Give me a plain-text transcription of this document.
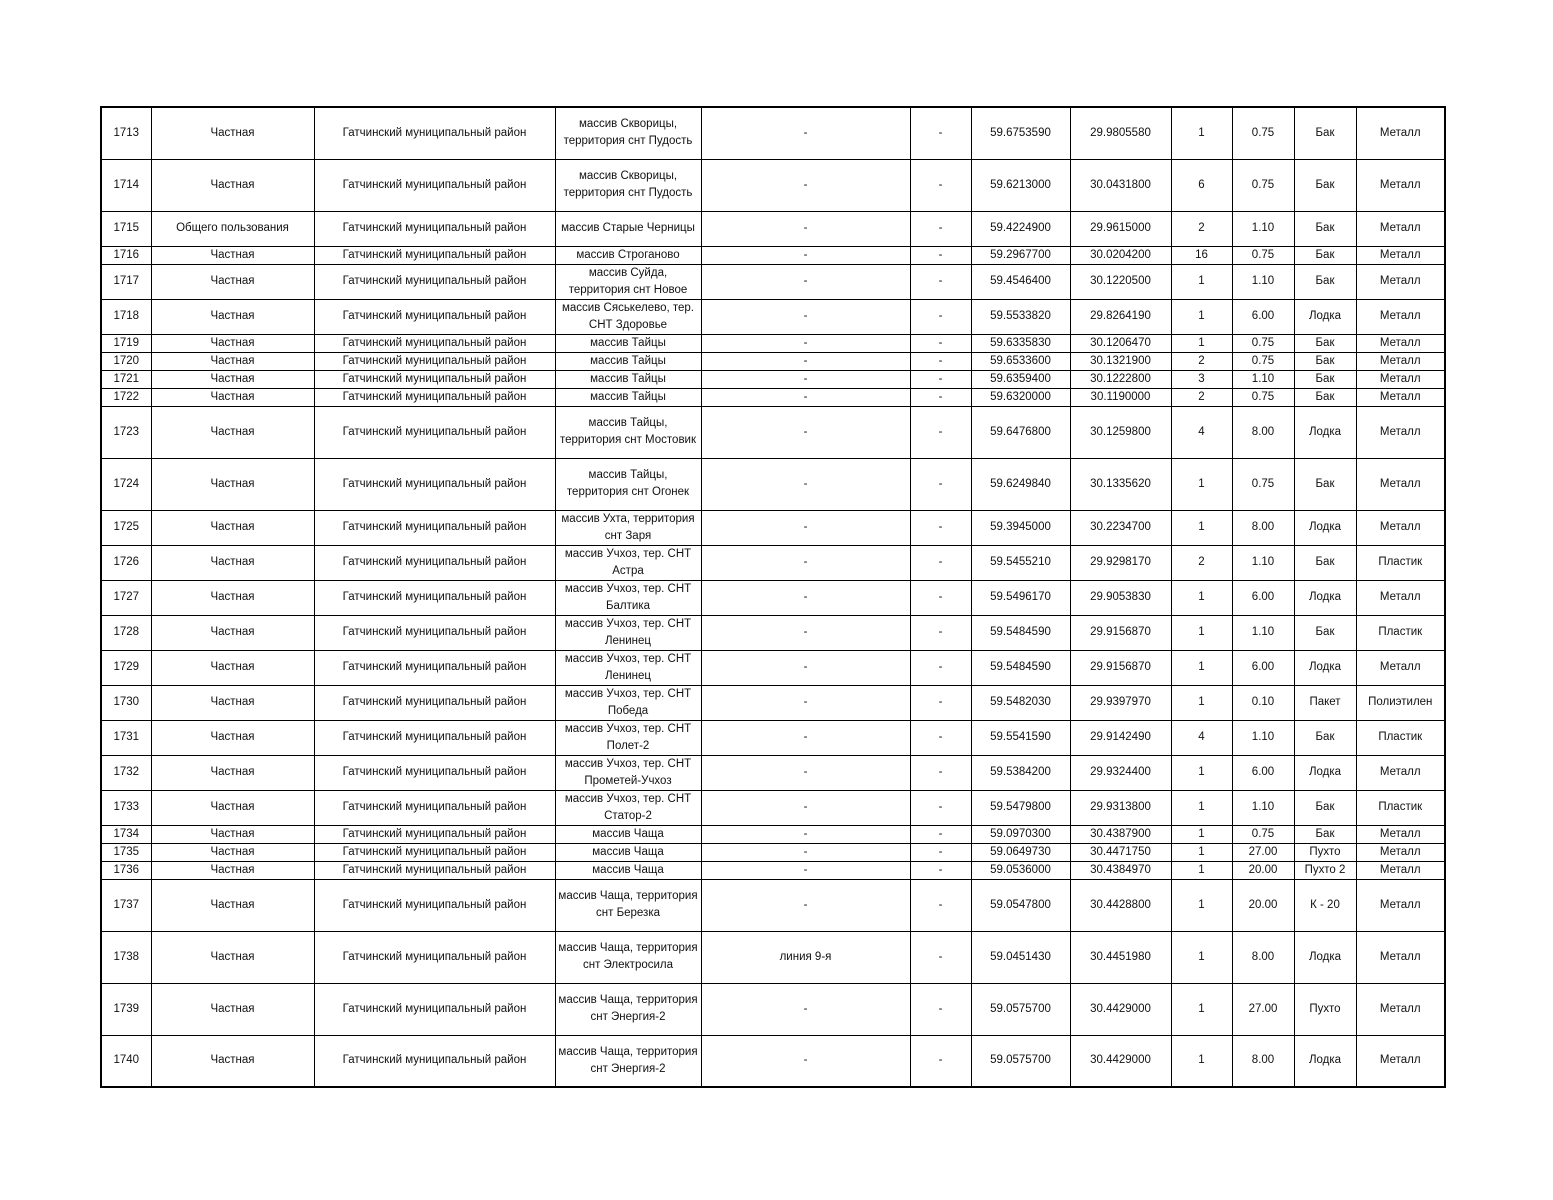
1713	Частная	Гатчинский муниципальный район	массив Скворицы, территория снт Пудость	-	-	59.6753590	29.9805580	1	0.75	Бак	Металл
1714	Частная	Гатчинский муниципальный район	массив Скворицы, территория снт Пудость	-	-	59.6213000	30.0431800	6	0.75	Бак	Металл
1715	Общего пользования	Гатчинский муниципальный район	массив Старые Черницы	-	-	59.4224900	29.9615000	2	1.10	Бак	Металл
1716	Частная	Гатчинский муниципальный район	массив Строганово	-	-	59.2967700	30.0204200	16	0.75	Бак	Металл
1717	Частная	Гатчинский муниципальный район	массив Суйда, территория снт Новое	-	-	59.4546400	30.1220500	1	1.10	Бак	Металл
1718	Частная	Гатчинский муниципальный район	массив Сяськелево, тер. СНТ Здоровье	-	-	59.5533820	29.8264190	1	6.00	Лодка	Металл
1719	Частная	Гатчинский муниципальный район	массив Тайцы	-	-	59.6335830	30.1206470	1	0.75	Бак	Металл
1720	Частная	Гатчинский муниципальный район	массив Тайцы	-	-	59.6533600	30.1321900	2	0.75	Бак	Металл
1721	Частная	Гатчинский муниципальный район	массив Тайцы	-	-	59.6359400	30.1222800	3	1.10	Бак	Металл
1722	Частная	Гатчинский муниципальный район	массив Тайцы	-	-	59.6320000	30.1190000	2	0.75	Бак	Металл
1723	Частная	Гатчинский муниципальный район	массив Тайцы, территория снт Мостовик	-	-	59.6476800	30.1259800	4	8.00	Лодка	Металл
1724	Частная	Гатчинский муниципальный район	массив Тайцы, территория снт Огонек	-	-	59.6249840	30.1335620	1	0.75	Бак	Металл
1725	Частная	Гатчинский муниципальный район	массив Ухта, территория снт Заря	-	-	59.3945000	30.2234700	1	8.00	Лодка	Металл
1726	Частная	Гатчинский муниципальный район	массив Учхоз, тер. СНТ Астра	-	-	59.5455210	29.9298170	2	1.10	Бак	Пластик
1727	Частная	Гатчинский муниципальный район	массив Учхоз, тер. СНТ Балтика	-	-	59.5496170	29.9053830	1	6.00	Лодка	Металл
1728	Частная	Гатчинский муниципальный район	массив Учхоз, тер. СНТ Ленинец	-	-	59.5484590	29.9156870	1	1.10	Бак	Пластик
1729	Частная	Гатчинский муниципальный район	массив Учхоз, тер. СНТ Ленинец	-	-	59.5484590	29.9156870	1	6.00	Лодка	Металл
1730	Частная	Гатчинский муниципальный район	массив Учхоз, тер. СНТ Победа	-	-	59.5482030	29.9397970	1	0.10	Пакет	Полиэтилен
1731	Частная	Гатчинский муниципальный район	массив Учхоз, тер. СНТ Полет-2	-	-	59.5541590	29.9142490	4	1.10	Бак	Пластик
1732	Частная	Гатчинский муниципальный район	массив Учхоз, тер. СНТ Прометей-Учхоз	-	-	59.5384200	29.9324400	1	6.00	Лодка	Металл
1733	Частная	Гатчинский муниципальный район	массив Учхоз, тер. СНТ Статор-2	-	-	59.5479800	29.9313800	1	1.10	Бак	Пластик
1734	Частная	Гатчинский муниципальный район	массив Чаща	-	-	59.0970300	30.4387900	1	0.75	Бак	Металл
1735	Частная	Гатчинский муниципальный район	массив Чаща	-	-	59.0649730	30.4471750	1	27.00	Пухто	Металл
1736	Частная	Гатчинский муниципальный район	массив Чаща	-	-	59.0536000	30.4384970	1	20.00	Пухто 2	Металл
1737	Частная	Гатчинский муниципальный район	массив Чаща, территория снт Березка	-	-	59.0547800	30.4428800	1	20.00	К - 20	Металл
1738	Частная	Гатчинский муниципальный район	массив Чаща, территория снт Электросила	линия 9-я	-	59.0451430	30.4451980	1	8.00	Лодка	Металл
1739	Частная	Гатчинский муниципальный район	массив Чаща, территория снт Энергия-2	-	-	59.0575700	30.4429000	1	27.00	Пухто	Металл
1740	Частная	Гатчинский муниципальный район	массив Чаща, территория снт Энергия-2	-	-	59.0575700	30.4429000	1	8.00	Лодка	Металл
